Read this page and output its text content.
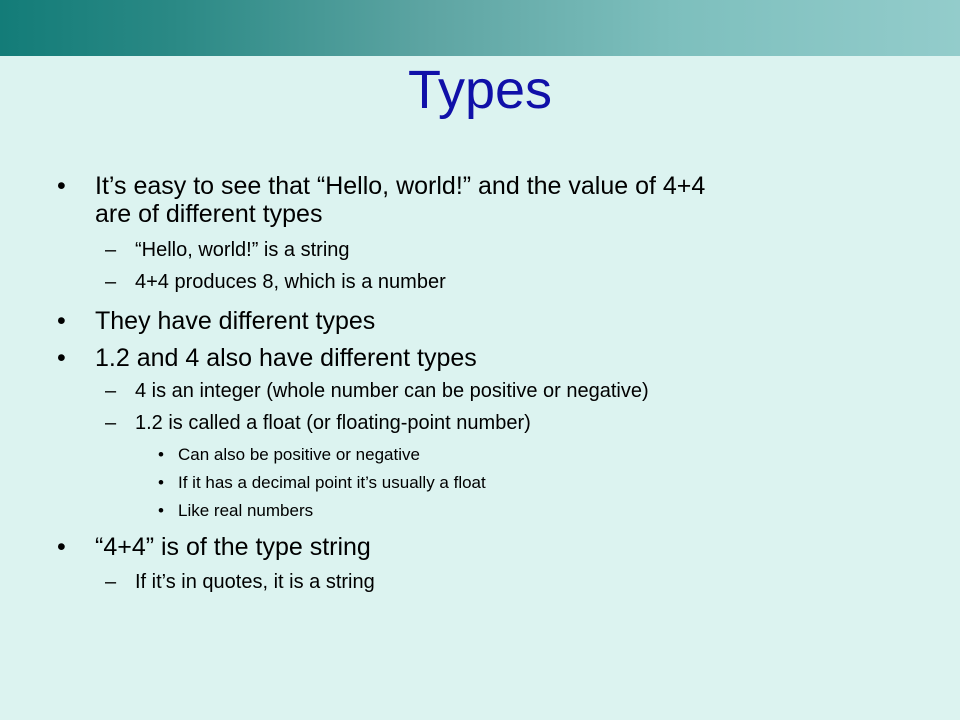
Types
• It’s easy to see that “Hello, world!” and the value of 4+4
are of different types
– “Hello, world!” is a string
– 4+4 produces 8, which is a number
• They have different types
• 1.2 and 4 also have different types
– 4 is an integer (whole number can be positive or negative)
– 1.2 is called a float (or floating-point number)
• Can also be positive or negative
• If it has a decimal point it’s usually a float
• Like real numbers
• “4+4” is of the type string
– If it’s in quotes, it is a string
